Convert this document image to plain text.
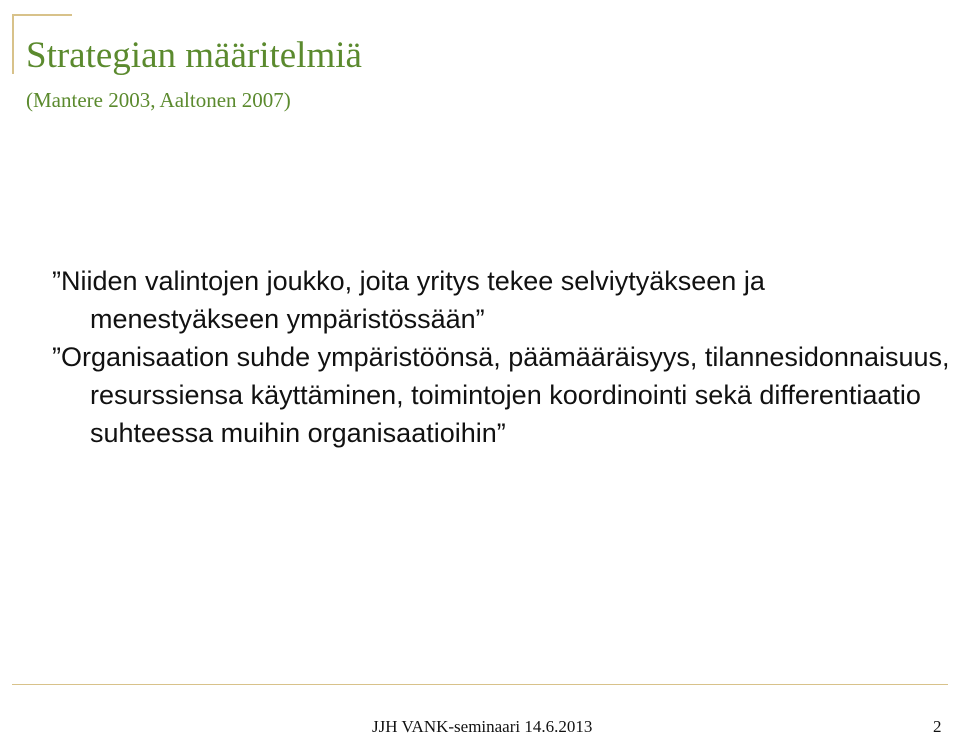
Strategian määritelmiä
(Mantere 2003, Aaltonen 2007)

”Niiden valintojen joukko, joita yritys tekee selviytyäkseen ja menestyäkseen ympäristössään”

”Organisaation suhde ympäristöönsä, päämääräisyys, tilannesidonnaisuus, resurssiensa käyttäminen, toimintojen koordinointi sekä differentiaatio suhteessa muihin organisaatioihin”

JJH VANK-seminaari 14.6.2013	2
